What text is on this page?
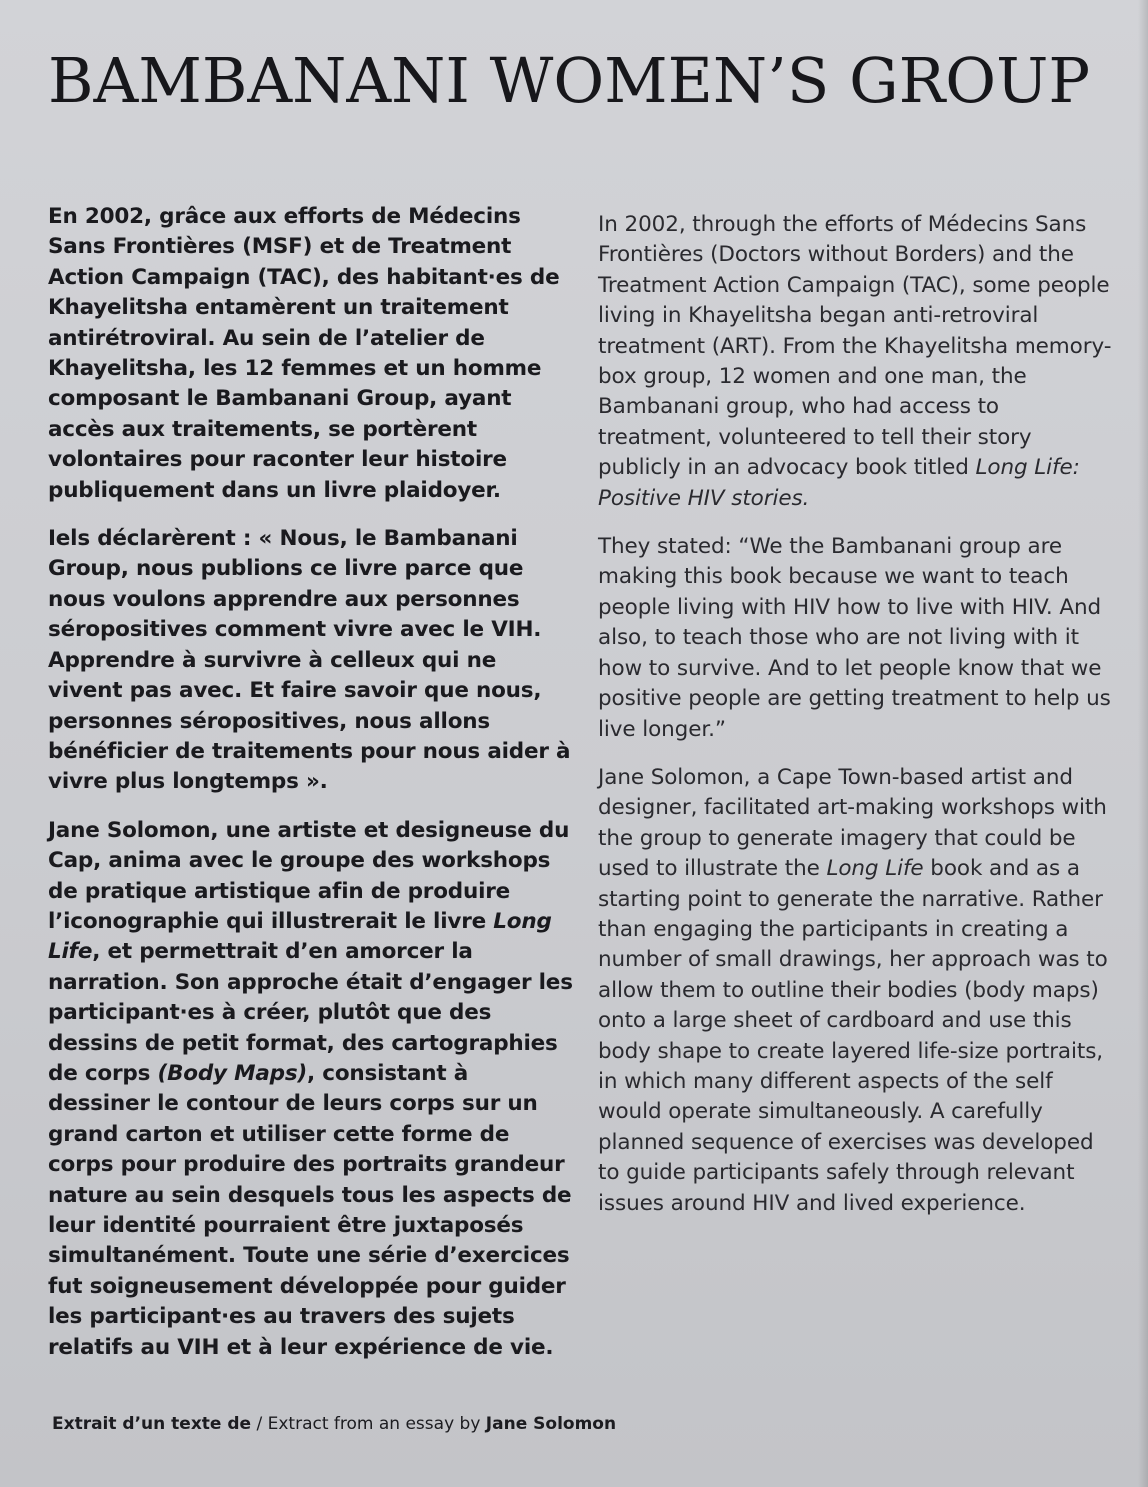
BAMBANANI WOMEN’S GROUP

En 2002, grâce aux efforts de Médecins Sans Frontières (MSF) et de Treatment Action Campaign (TAC), des habitant·es de Khayelitsha entamèrent un traitement antirétroviral. Au sein de l’atelier de Khayelitsha, les 12 femmes et un homme composant le Bambanani Group, ayant accès aux traitements, se portèrent volontaires pour raconter leur histoire publiquement dans un livre plaidoyer.

Iels déclarèrent : « Nous, le Bambanani Group, nous publions ce livre parce que nous voulons apprendre aux personnes séropositives comment vivre avec le VIH. Apprendre à survivre à celleux qui ne vivent pas avec. Et faire savoir que nous, personnes séropositives, nous allons bénéficier de traitements pour nous aider à vivre plus longtemps ».

Jane Solomon, une artiste et designeuse du Cap, anima avec le groupe des workshops de pratique artistique afin de produire l’iconographie qui illustrerait le livre Long Life, et permettrait d’en amorcer la narration. Son approche était d’engager les participant·es à créer, plutôt que des dessins de petit format, des cartographies de corps (Body Maps), consistant à dessiner le contour de leurs corps sur un grand carton et utiliser cette forme de corps pour produire des portraits grandeur nature au sein desquels tous les aspects de leur identité pourraient être juxtaposés simultanément. Toute une série d’exercices fut soigneusement développée pour guider les participant·es au travers des sujets relatifs au VIH et à leur expérience de vie.

In 2002, through the efforts of Médecins Sans Frontières (Doctors without Borders) and the Treatment Action Campaign (TAC), some people living in Khayelitsha began anti-retroviral treatment (ART). From the Khayelitsha memory-box group, 12 women and one man, the Bambanani group, who had access to treatment, volunteered to tell their story publicly in an advocacy book titled Long Life: Positive HIV stories.

They stated: “We the Bambanani group are making this book because we want to teach people living with HIV how to live with HIV. And also, to teach those who are not living with it how to survive. And to let people know that we positive people are getting treatment to help us live longer.”

Jane Solomon, a Cape Town-based artist and designer, facilitated art-making workshops with the group to generate imagery that could be used to illustrate the Long Life book and as a starting point to generate the narrative. Rather than engaging the participants in creating a number of small drawings, her approach was to allow them to outline their bodies (body maps) onto a large sheet of cardboard and use this body shape to create layered life-size portraits, in which many different aspects of the self would operate simultaneously. A carefully planned sequence of exercises was developed to guide participants safely through relevant issues around HIV and lived experience.

Extrait d’un texte de / Extract from an essay by Jane Solomon
